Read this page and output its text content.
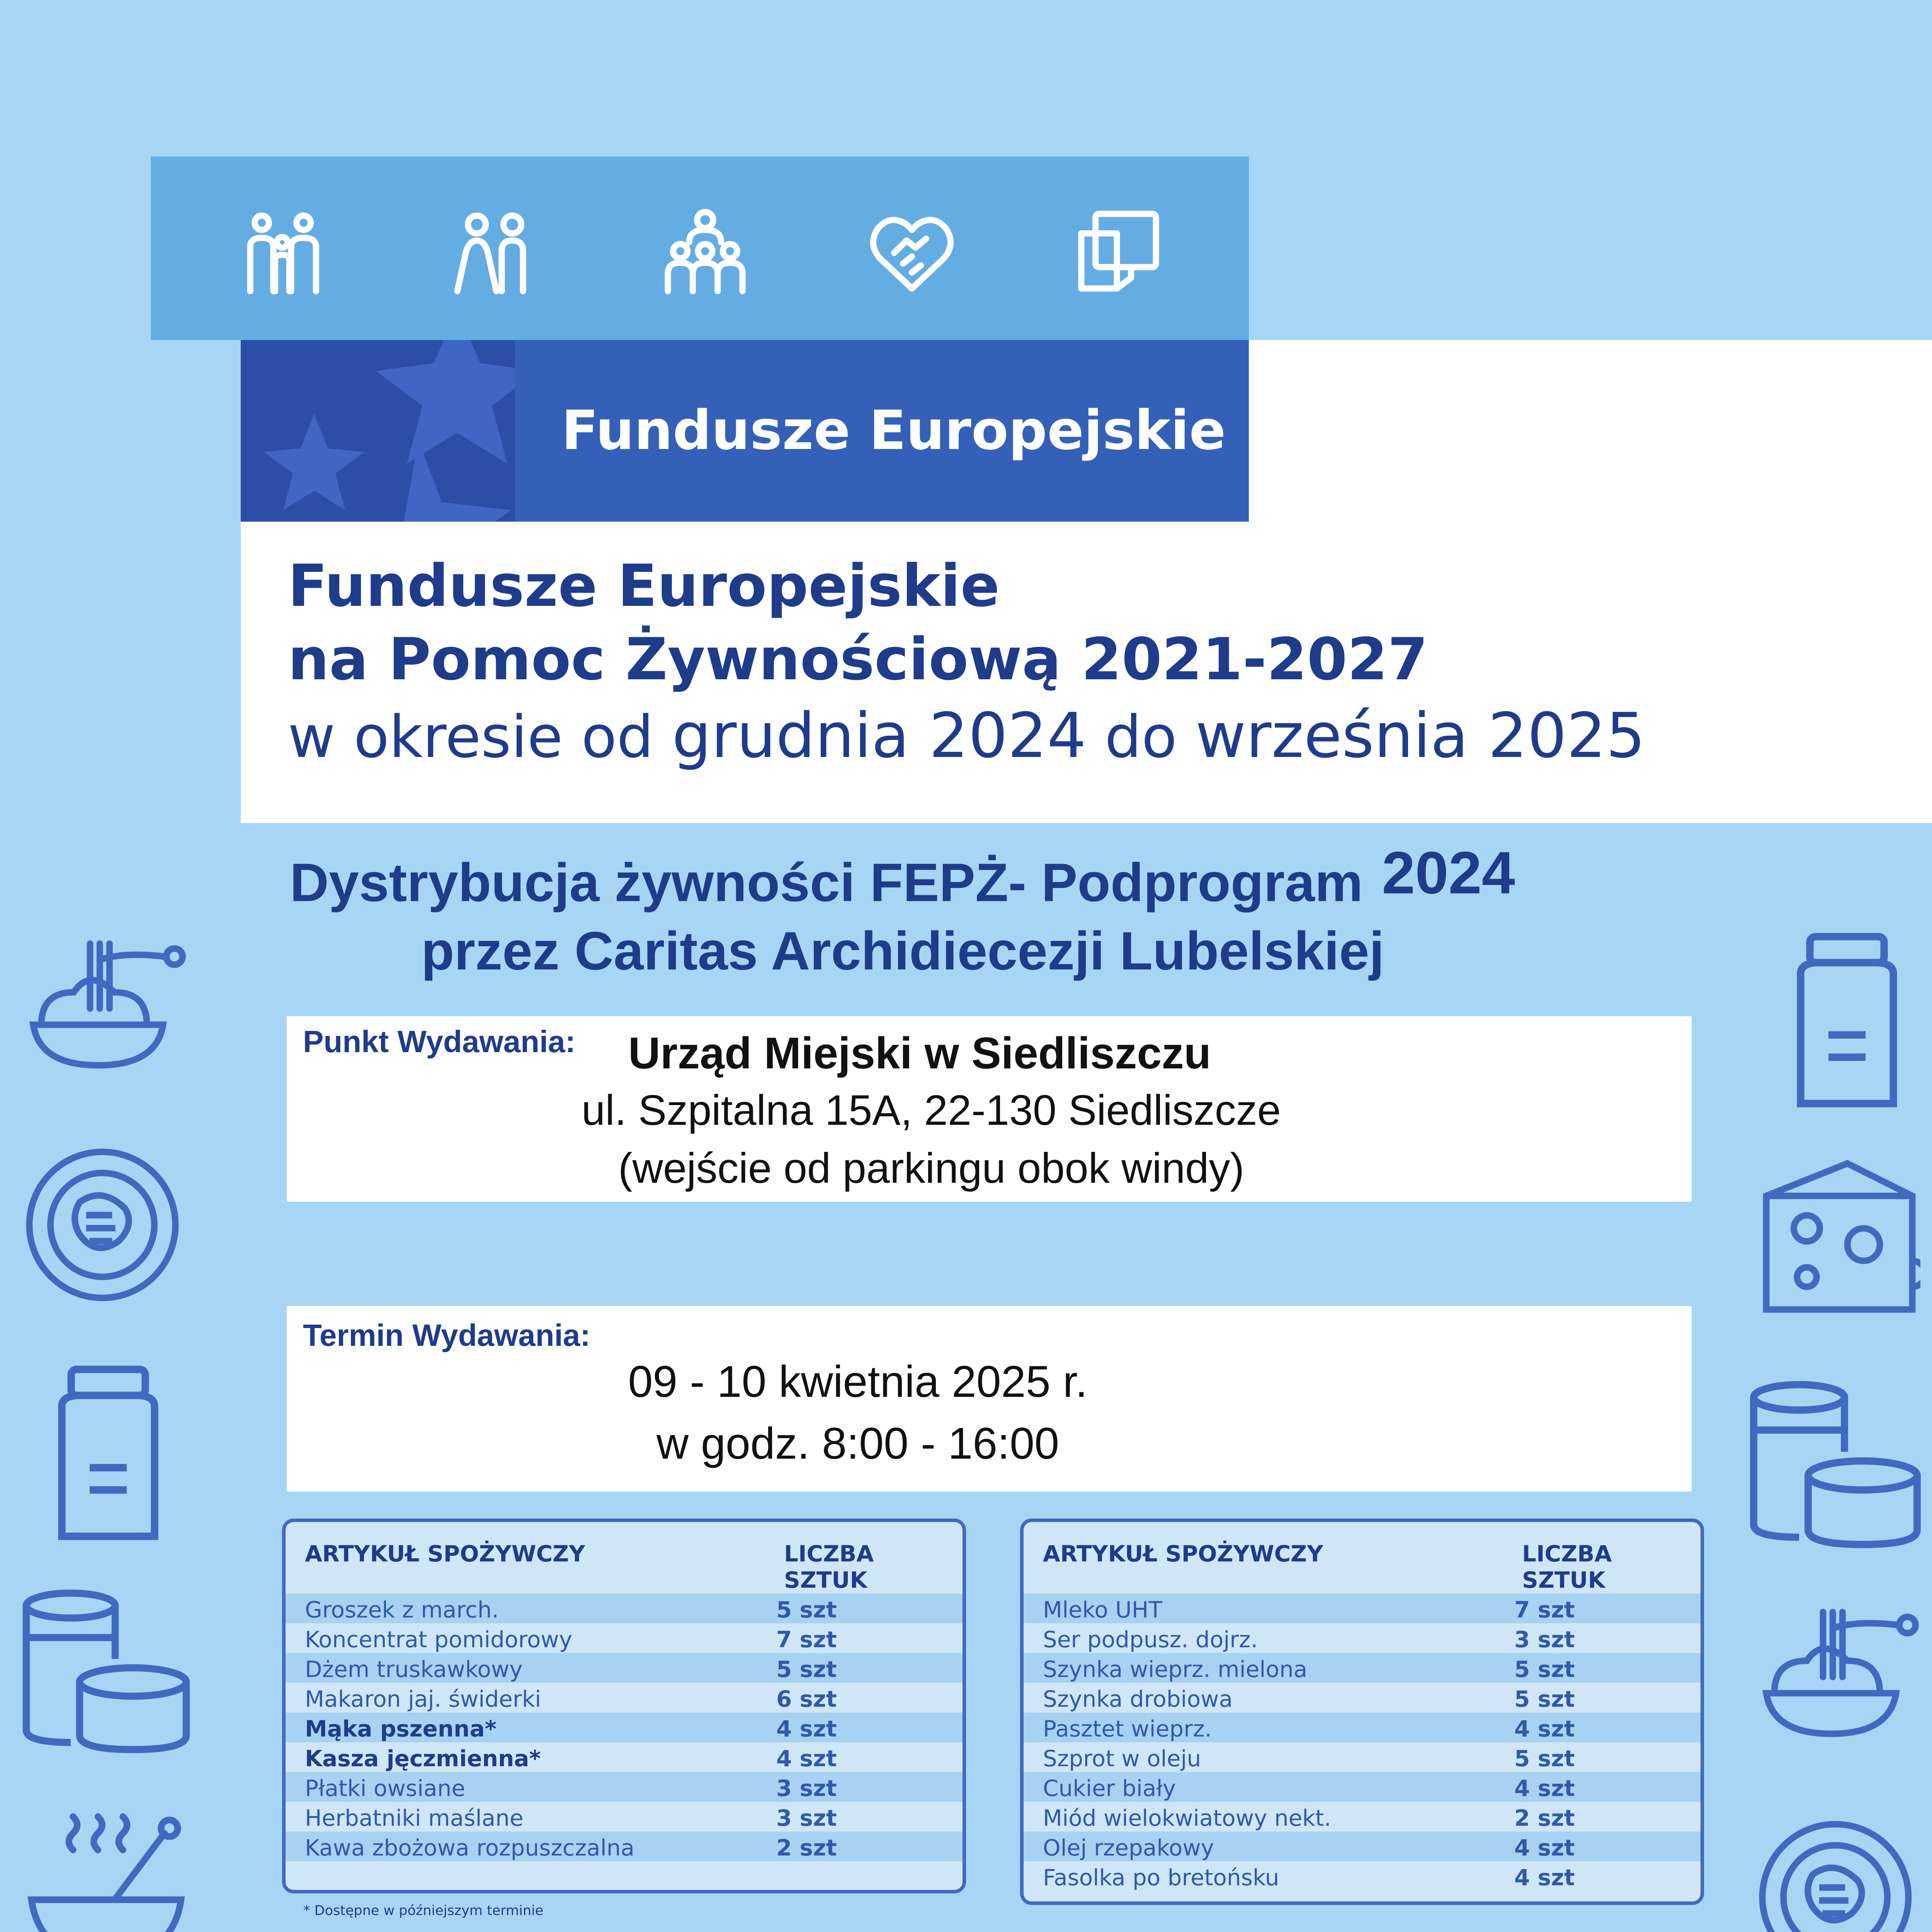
Fundusze Europejskie
Fundusze Europejskie
na Pomoc Żywnościową 2021-2027
w okresie od grudnia 2024 do września 2025
Dystrybucja żywności FEPŻ- Podprogram 2024
przez Caritas Archidiecezji Lubelskiej
Punkt Wydawania:	Urząd Miejski w Siedliszczu
ul. Szpitalna 15A, 22-130 Siedliszcze
(wejście od parkingu obok windy)
Termin Wydawania:
09 - 10 kwietnia 2025 r.
w godz. 8:00 - 16:00
ARTYKUŁ SPOŻYWCZY	LICZBA SZTUK
Groszek z march.	5 szt
Koncentrat pomidorowy	7 szt
Dżem truskawkowy	5 szt
Makaron jaj. świderki	6 szt
Mąka pszenna*	4 szt
Kasza jęczmienna*	4 szt
Płatki owsiane	3 szt
Herbatniki maślane	3 szt
Kawa zbożowa rozpuszczalna	2 szt
ARTYKUŁ SPOŻYWCZY	LICZBA SZTUK
Mleko UHT	7 szt
Ser podpusz. dojrz.	3 szt
Szynka wieprz. mielona	5 szt
Szynka drobiowa	5 szt
Pasztet wieprz.	4 szt
Szprot w oleju	5 szt
Cukier biały	4 szt
Miód wielokwiatowy nekt.	2 szt
Olej rzepakowy	4 szt
Fasolka po bretońsku	4 szt
* Dostępne w późniejszym terminie
